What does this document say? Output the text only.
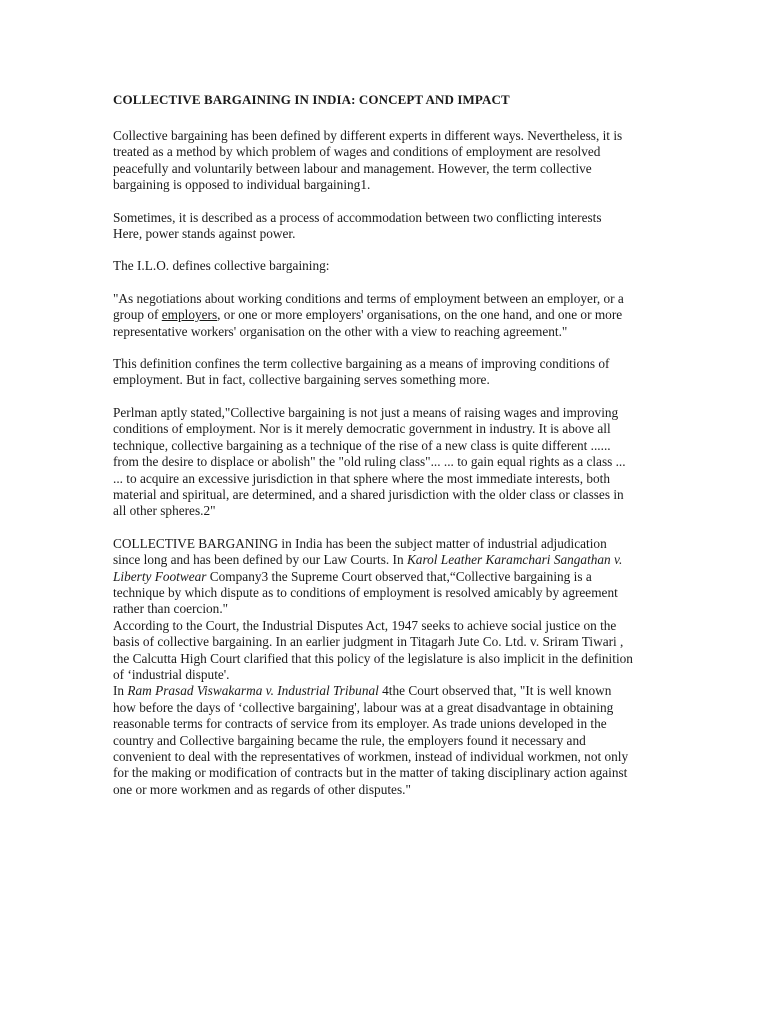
COLLECTIVE BARGAINING IN INDIA: CONCEPT AND IMPACT

Collective bargaining has been defined by different experts in different ways. Nevertheless, it is treated as a method by which problem of wages and conditions of employment are resolved peacefully and voluntarily between labour and management. However, the term collective bargaining is opposed to individual bargaining1.

Sometimes, it is described as a process of accommodation between two conflicting interests Here, power stands against power.

The I.L.O. defines collective bargaining:

"As negotiations about working conditions and terms of employment between an employer, or a group of employers, or one or more employers' organisations, on the one hand, and one or more representative workers' organisation on the other with a view to reaching agreement."

This definition confines the term collective bargaining as a means of improving conditions of employment. But in fact, collective bargaining serves something more.

Perlman aptly stated,"Collective bargaining is not just a means of raising wages and improving conditions of employment. Nor is it merely democratic government in industry. It is above all technique, collective bargaining as a technique of the rise of a new class is quite different ...... from the desire to displace or abolish" the "old ruling class"... ... to gain equal rights as a class ... ... to acquire an excessive jurisdiction in that sphere where the most immediate interests, both material and spiritual, are determined, and a shared jurisdiction with the older class or classes in all other spheres.2"

COLLECTIVE BARGANING in India has been the subject matter of industrial adjudication since long and has been defined by our Law Courts. In Karol Leather Karamchari Sangathan v. Liberty Footwear Company3 the Supreme Court observed that,“Collective bargaining is a technique by which dispute as to conditions of employment is resolved amicably by agreement rather than coercion."

According to the Court, the Industrial Disputes Act, 1947 seeks to achieve social justice on the basis of collective bargaining. In an earlier judgment in Titagarh Jute Co. Ltd. v. Sriram Tiwari , the Calcutta High Court clarified that this policy of the legislature is also implicit in the definition of ‘industrial dispute'.

In Ram Prasad Viswakarma v. Industrial Tribunal 4the Court observed that, "It is well known how before the days of ‘collective bargaining', labour was at a great disadvantage in obtaining reasonable terms for contracts of service from its employer. As trade unions developed in the country and Collective bargaining became the rule, the employers found it necessary and convenient to deal with the representatives of workmen, instead of individual workmen, not only for the making or modification of contracts but in the matter of taking disciplinary action against one or more workmen and as regards of other disputes."
